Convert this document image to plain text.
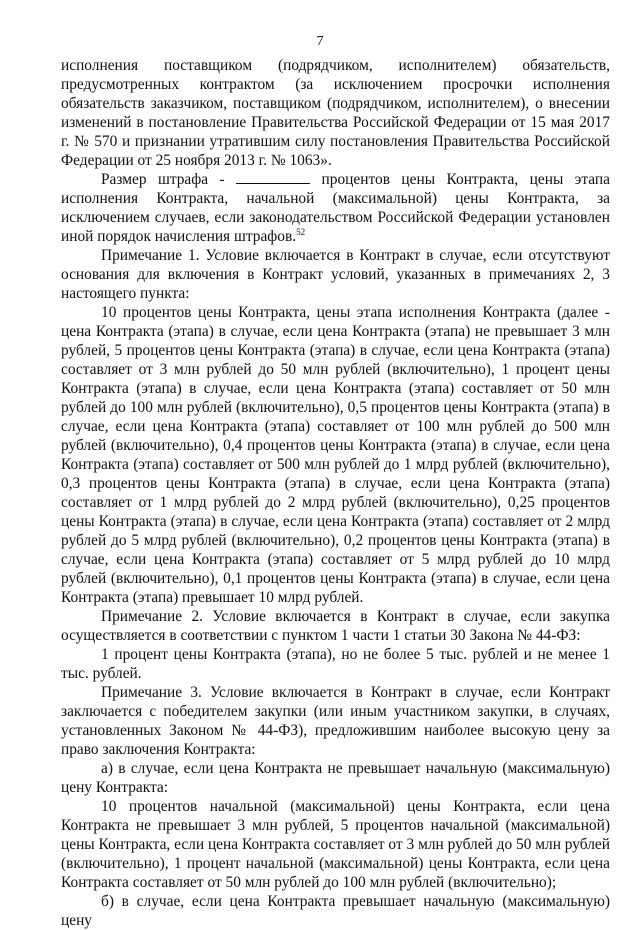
7

исполнения поставщиком (подрядчиком, исполнителем) обязательств, предусмотренных контрактом (за исключением просрочки исполнения обязательств заказчиком, поставщиком (подрядчиком, исполнителем), о внесении изменений в постановление Правительства Российской Федерации от 15 мая 2017 г. № 570 и признании утратившим силу постановления Правительства Российской Федерации от 25 ноября 2013 г. № 1063».

Размер штрафа -	процентов цены Контракта, цены этапа исполнения Контракта, начальной (максимальной) цены Контракта, за исключением случаев, если законодательством Российской Федерации установлен иной порядок начисления штрафов.$^{52}$

Примечание 1. Условие включается в Контракт в случае, если отсутствуют основания для включения в Контракт условий, указанных в примечаниях 2, 3 настоящего пункта:

10 процентов цены Контракта, цены этапа исполнения Контракта (далее - цена Контракта (этапа) в случае, если цена Контракта (этапа) не превышает 3 млн рублей, 5 процентов цены Контракта (этапа) в случае, если цена Контракта (этапа) составляет от 3 млн рублей до 50 млн рублей (включительно), 1 процент цены Контракта (этапа) в случае, если цена Контракта (этапа) составляет от 50 млн рублей до 100 млн рублей (включительно), 0,5 процентов цены Контракта (этапа) в случае, если цена Контракта (этапа) составляет от 100 млн рублей до 500 млн рублей (включительно), 0,4 процентов цены Контракта (этапа) в случае, если цена Контракта (этапа) составляет от 500 млн рублей до 1 млрд рублей (включительно), 0,3 процентов цены Контракта (этапа) в случае, если цена Контракта (этапа) составляет от 1 млрд рублей до 2 млрд рублей (включительно), 0,25 процентов цены Контракта (этапа) в случае, если цена Контракта (этапа) составляет от 2 млрд рублей до 5 млрд рублей (включительно), 0,2 процентов цены Контракта (этапа) в случае, если цена Контракта (этапа) составляет от 5 млрд рублей до 10 млрд рублей (включительно), 0,1 процентов цены Контракта (этапа) в случае, если цена Контракта (этапа) превышает 10 млрд рублей.

Примечание 2. Условие включается в Контракт в случае, если закупка осуществляется в соответствии с пунктом 1 части 1 статьи 30 Закона № 44-ФЗ:

1 процент цены Контракта (этапа), но не более 5 тыс. рублей и не менее 1 тыс. рублей.

Примечание 3. Условие включается в Контракт в случае, если Контракт заключается с победителем закупки (или иным участником закупки, в случаях, установленных Законом № 44-ФЗ), предложившим наиболее высокую цену за право заключения Контракта:

а) в случае, если цена Контракта не превышает начальную (максимальную) цену Контракта:

10 процентов начальной (максимальной) цены Контракта, если цена Контракта не превышает 3 млн рублей, 5 процентов начальной (максимальной) цены Контракта, если цена Контракта составляет от 3 млн рублей до 50 млн рублей (включительно), 1 процент начальной (максимальной) цены Контракта, если цена Контракта составляет от 50 млн рублей до 100 млн рублей (включительно);

б) в случае, если цена Контракта превышает начальную (максимальную) цену
